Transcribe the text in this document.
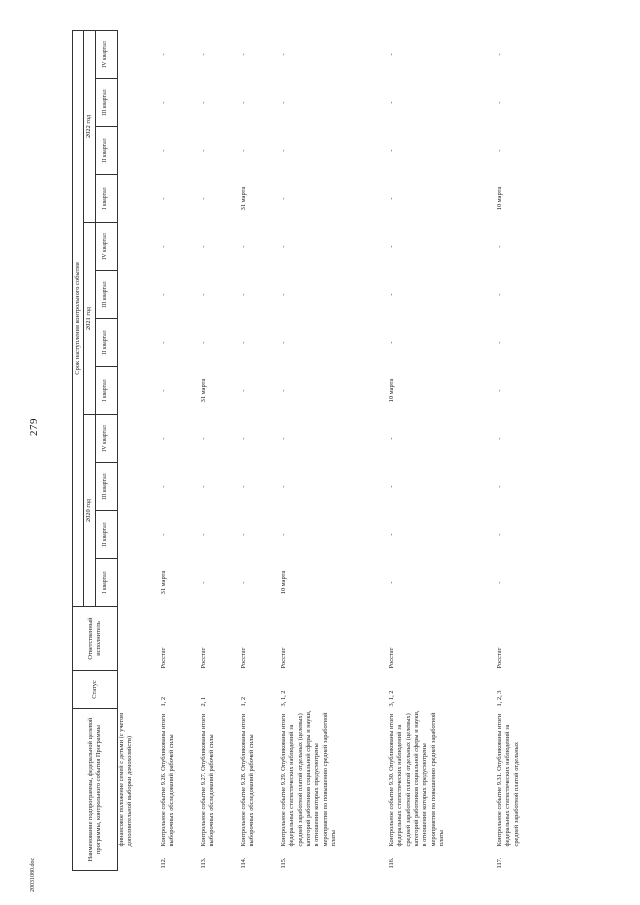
279
20031080.doc
Наименование подпрограммы, федеральной целевой программы, контрольного события Программы		Статус	Ответственный исполнитель	Срок наступления контрольного события											
				2020 год				2021 год				2022 год			
				I квартал	II квартал	III квартал	IV квартал	I квартал	II квартал	III квартал	IV квартал	I квартал	II квартал	III квартал	IV квартал
	финансовое положение семей с детьми (с учетом дополнительной выборки домохозяйств)														
112.	Контрольное событие 9.26. Опубликованы итоги выборочных обследований рабочей силы	1, 2	Росстат	31 марта	-	-	-	-	-	-	-	-	-	-	-
113.	Контрольное событие 9.27. Опубликованы итоги выборочных обследований рабочей силы	2, 1	Росстат	-	-	-	-	31 марта	-	-	-	-	-	-	-
114.	Контрольное событие 9.28. Опубликованы итоги выборочных обследований рабочей силы	1, 2	Росстат	-	-	-	-	-	-	-	-	31 марта	-	-	-
115.	Контрольное событие 9.29. Опубликованы итоги федеральных статистических наблюдений за средней заработной платой отдельных (целевых) категорий работников социальной сферы и науки, в отношении которых предусмотрены мероприятия по повышению средней заработной платы	3, 1, 2	Росстат	10 марта	-	-	-	-	-	-	-	-	-	-	-
116.	Контрольное событие 9.30. Опубликованы итоги федеральных статистических наблюдений за средней заработной платой отдельных (целевых) категорий работников социальной сферы и науки, в отношении которых предусмотрены мероприятия по повышению средней заработной платы	3, 1, 2	Росстат	-	-	-	-	10 марта	-	-	-	-	-	-	-
117.	Контрольное событие 9.31. Опубликованы итоги федеральных статистических наблюдений за средней заработной платой отдельных	1, 2, 3	Росстат	-	-	-	-	-	-	-	-	10 марта	-	-	-
